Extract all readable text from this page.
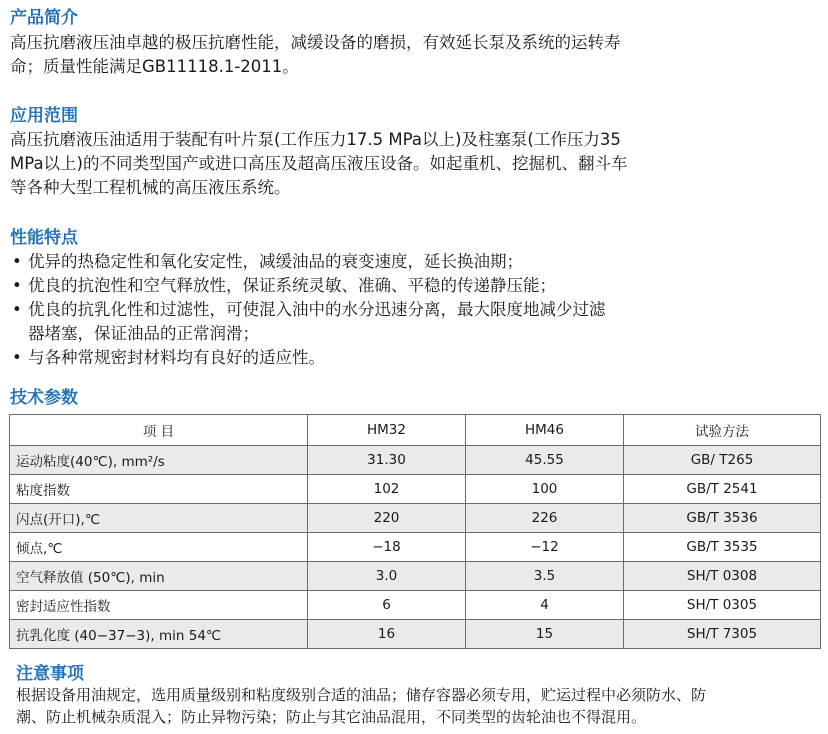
产品简介
高压抗磨液压油卓越的极压抗磨性能，减缓设备的磨损，有效延长泵及系统的运转寿
命；质量性能满足GB11118.1-2011。
应用范围
高压抗磨液压油适用于装配有叶片泵(工作压力17.5 MPa以上)及柱塞泵(工作压力35
MPa以上)的不同类型国产或进口高压及超高压液压设备。如起重机、挖掘机、翻斗车
等各种大型工程机械的高压液压系统。
性能特点
• 优异的热稳定性和氧化安定性，减缓油品的衰变速度，延长换油期；
• 优良的抗泡性和空气释放性，保证系统灵敏、准确、平稳的传递静压能；
• 优良的抗乳化性和过滤性，可使混入油中的水分迅速分离，最大限度地减少过滤
器堵塞，保证油品的正常润滑；
• 与各种常规密封材料均有良好的适应性。
技术参数
项 目	HM32	HM46	试验方法
运动粘度(40℃), mm²/s	31.30	45.55	GB/ T265
粘度指数	102	100	GB/T 2541
闪点(开口),℃	220	226	GB/T 3536
倾点,℃	−18	−12	GB/T 3535
空气释放值 (50℃), min	3.0	3.5	SH/T 0308
密封适应性指数	6	4	SH/T 0305
抗乳化度 (40−37−3), min 54℃	16	15	SH/T 7305
注意事项
根据设备用油规定，选用质量级别和粘度级别合适的油品；储存容器必须专用，贮运过程中必须防水、防
潮、防止机械杂质混入；防止异物污染；防止与其它油品混用，不同类型的齿轮油也不得混用。
